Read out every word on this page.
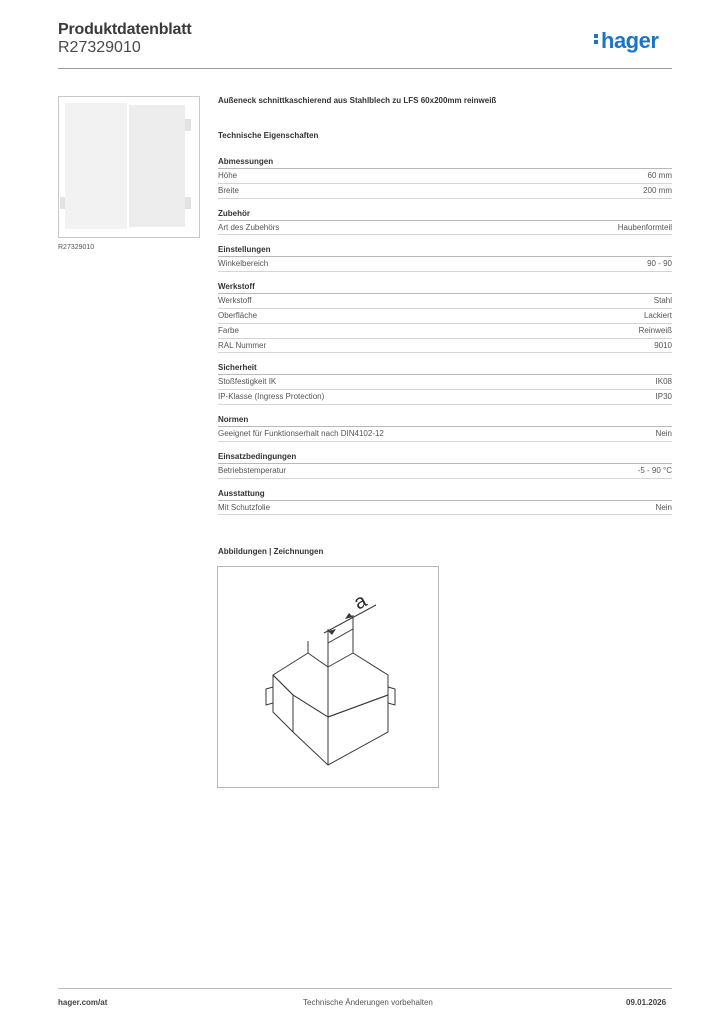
Produktdatenblatt
R27329010	hager
R27329010
Außeneck schnittkaschierend aus Stahlblech zu LFS 60x200mm reinweiß
Technische Eigenschaften
Abmessungen
Höhe	60 mm
Breite	200 mm
Zubehör
Art des Zubehörs	Haubenformteil
Einstellungen
Winkelbereich	90 - 90
Werkstoff
Werkstoff	Stahl
Oberfläche	Lackiert
Farbe	Reinweiß
RAL Nummer	9010
Sicherheit
Stoßfestigkeit IK	IK08
IP-Klasse (Ingress Protection)	IP30
Normen
Geeignet für Funktionserhalt nach DIN4102-12	Nein
Einsatzbedingungen
Betriebstemperatur	-5 - 90 °C
Ausstattung
Mit Schutzfolie	Nein
Abbildungen | Zeichnungen
a
hager.com/at	Technische Änderungen vorbehalten	09.01.2026
